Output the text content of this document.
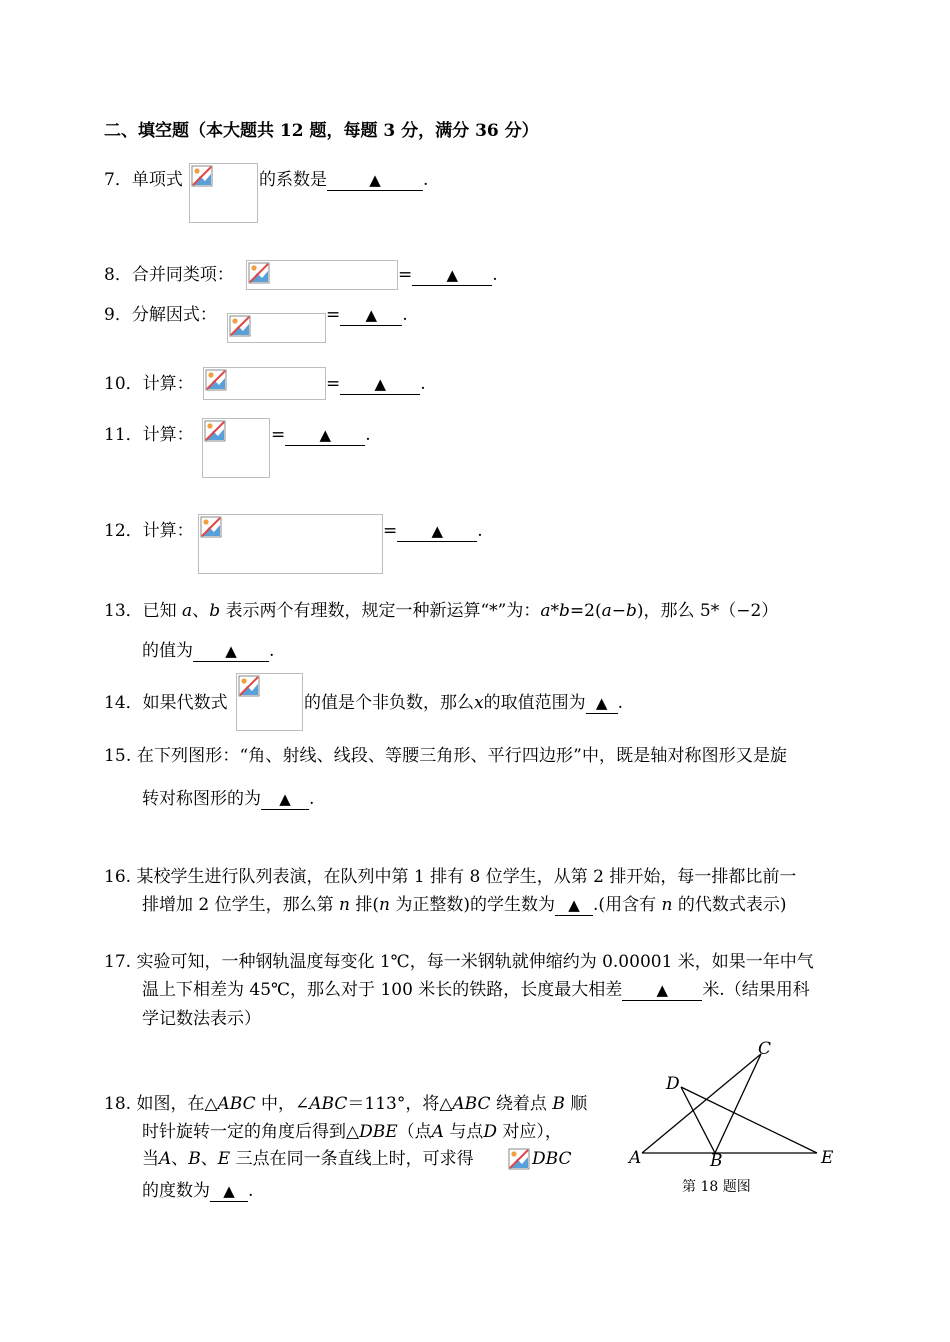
二、填空题（本大题共 12 题，每题 3 分，满分 36 分）
7．单项式	的系数是	▲ .
8．合并同类项：	= ▲ .
9．分解因式：	= ▲ .
10．计算：	= ▲ .
11．计算：	= ▲ .
12．计算：	= ▲ .
13．已知 a、b 表示两个有理数，规定一种新运算“*”为：a*b=2(a−b)，那么 5*（−2）
的值为 ▲ .
14．如果代数式	的值是个非负数，那么x的取值范围为 ▲ .
15. 在下列图形：“角、射线、线段、等腰三角形、平行四边形”中，既是轴对称图形又是旋
转对称图形的为 ▲ .
16. 某校学生进行队列表演，在队列中第 1 排有 8 位学生，从第 2 排开始，每一排都比前一
排增加 2 位学生，那么第 n 排(n 为正整数)的学生数为 ▲ .(用含有 n 的代数式表示)
17. 实验可知，一种钢轨温度每变化 1℃，每一米钢轨就伸缩约为 0.00001 米，如果一年中气
温上下相差为 45℃，那么对于 100 米长的铁路，长度最大相差 ▲ 米.（结果用科
学记数法表示）
18. 如图，在△ABC 中，∠ABC＝113°，将△ABC 绕着点 B 顺
时针旋转一定的角度后得到△DBE（点A 与点D 对应），
当A、B、E 三点在同一条直线上时，可求得	DBC
的度数为 ▲ .
C
D
A	B	E
第 18 题图
